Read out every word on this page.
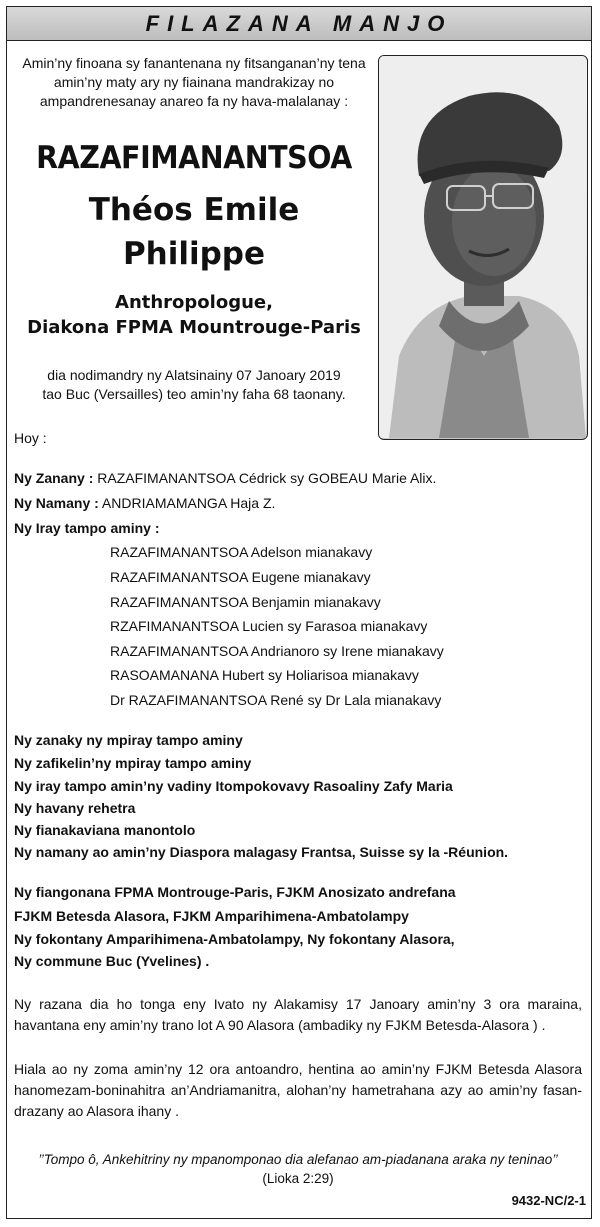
FILAZANA MANJO
Amin’ny finoana sy fanantenana ny fitsanganan’ny tena amin’ny maty ary ny fiainana mandrakizay no ampandrenesanay anareo fa ny hava-malalanay :
RAZAFIMANANTSOA
Théos Emile
Philippe
Anthropologue,
Diakona FPMA Mountrouge-Paris
dia nodimandry ny Alatsinainy 07 Janoary 2019
tao Buc (Versailles) teo amin’ny faha 68 taonany.
Hoy :
Ny Zanany : RAZAFIMANANTSOA Cédrick sy GOBEAU Marie Alix.
Ny Namany : ANDRIAMAMANGA Haja Z.
Ny Iray tampo aminy :
RAZAFIMANANTSOA Adelson mianakavy
RAZAFIMANANTSOA Eugene mianakavy
RAZAFIMANANTSOA Benjamin mianakavy
RZAFIMANANTSOA Lucien sy Farasoa mianakavy
RAZAFIMANANTSOA Andrianoro sy Irene mianakavy
RASOAMANANA Hubert sy Holiarisoa mianakavy
Dr RAZAFIMANANTSOA René sy Dr Lala mianakavy
Ny zanaky ny mpiray tampo aminy
Ny zafikelin’ny mpiray tampo aminy
Ny iray tampo amin’ny vadiny Itompokovavy Rasoaliny Zafy Maria
Ny havany rehetra
Ny fianakaviana manontolo
Ny namany ao amin’ny Diaspora malagasy Frantsa, Suisse sy la -Réunion.
Ny fiangonana FPMA Montrouge-Paris, FJKM Anosizato andrefana
FJKM Betesda Alasora, FJKM Amparihimena-Ambatolampy
Ny fokontany Amparihimena-Ambatolampy, Ny fokontany Alasora,
Ny commune Buc (Yvelines) .
Ny razana dia ho tonga eny Ivato ny Alakamisy 17 Janoary amin’ny 3 ora maraina, havantana eny amin’ny trano lot A 90 Alasora (ambadiky ny FJKM Betesda-Alasora ) .
Hiala ao ny zoma amin’ny 12 ora antoandro, hentina ao amin’ny FJKM Betesda Alasora hanomezam-boninahitra an’Andriamanitra, alohan’ny hametrahana azy ao amin’ny fasan-drazany ao Alasora ihany .
’’Tompo ô, Ankehitriny ny mpanomponao dia alefanao am-piadanana araka ny teninao’’
(Lioka 2:29)
9432-NC/2-1
